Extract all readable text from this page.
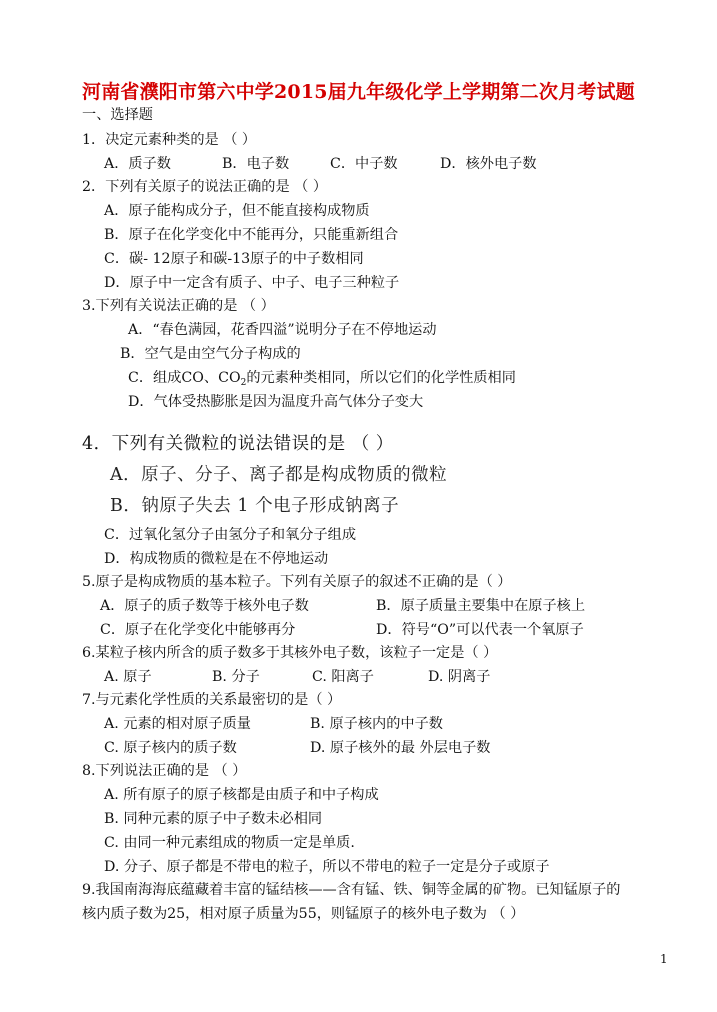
河南省濮阳市第六中学2015届九年级化学上学期第二次月考试题
一、选择题
1．决定元素种类的是 （ ）
A．质子数	B．电子数	C．中子数	D．核外电子数
2．下列有关原子的说法正确的是 （ ）
A．原子能构成分子，但不能直接构成物质
B．原子在化学变化中不能再分，只能重新组合
C．碳- 12原子和碳-13原子的中子数相同
D．原子中一定含有质子、中子、电子三种粒子
3.下列有关说法正确的是 （ ）
A．“春色满园，花香四溢”说明分子在不停地运动
B．空气是由空气分子构成的
C．组成CO、$CO_2$的元素种类相同，所以它们的化学性质相同
D．气体受热膨胀是因为温度升高气体分子变大
4．下列有关微粒的说法错误的是 （ ）
A．原子、分子、离子都是构成物质的微粒
B．钠原子失去 1 个电子形成钠离子
C．过氧化氢分子由氢分子和氧分子组成
D．构成物质的微粒是在不停地运动
5.原子是构成物质的基本粒子。下列有关原子的叙述不正确的是（ ）
A．原子的质子数等于核外电子数	B．原子质量主要集中在原子核上
C．原子在化学变化中能够再分	D．符号“O”可以代表一个氧原子
6.某粒子核内所含的质子数多于其核外电子数，该粒子一定是（ ）
A. 原子	B. 分子	C. 阳离子	D. 阴离子
7.与元素化学性质的关系最密切的是（ ）
A. 元素的相对原子质量	B. 原子核内的中子数
C. 原子核内的质子数	D. 原子核外的最 外层电子数
8.下列说法正确的是 （ ）
A. 所有原子的原子核都是由质子和中子构成
B. 同种元素的原子中子数未必相同
C. 由同一种元素组成的物质一定是单质.
D. 分子、原子都是不带电的粒子，所以不带电的粒子一定是分子或原子
9.我国南海海底蕴藏着丰富的锰结核——含有锰、铁、铜等金属的矿物。已知锰原子的
核内质子数为25，相对原子质量为55，则锰原子的核外电子数为 （ ）
1
